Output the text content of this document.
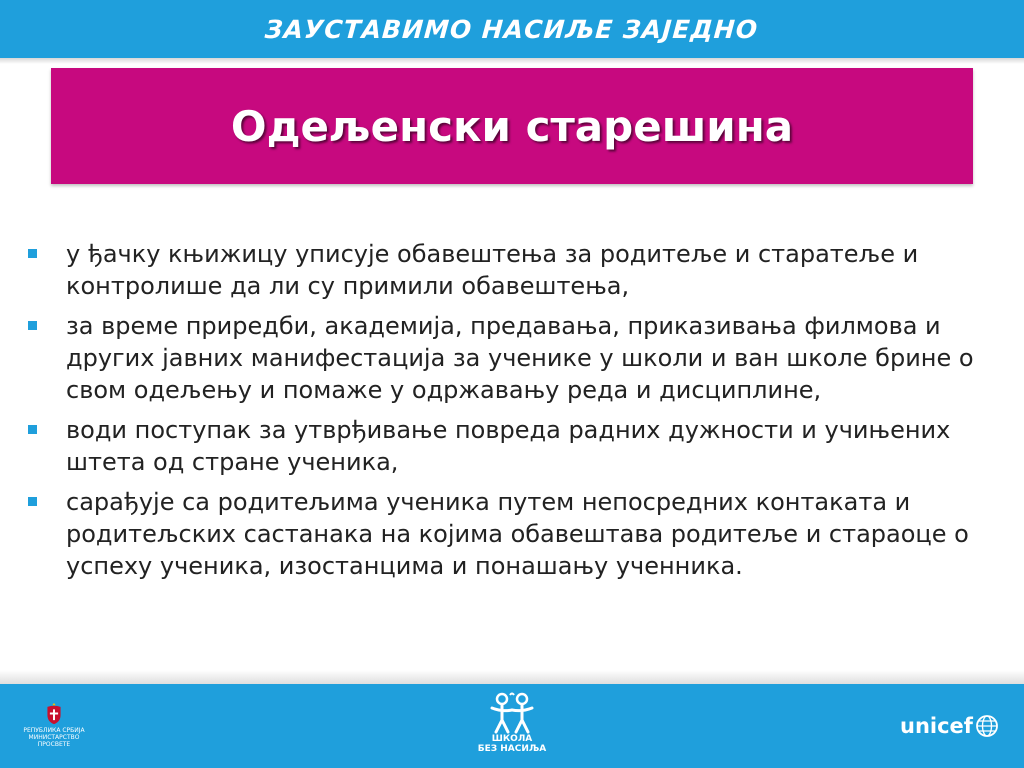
ЗАУСТАВИМО НАСИЉЕ ЗАЈЕДНО
Одељенски старешина
у ђачку књижицу уписује обавештења за родитеље и старатеље и контролише да ли су примили обавештења,
за време приредби, академија, предавања, приказивања филмова и других јавних манифестација за ученике у школи и ван школе брине о свом одељењу и помаже у одржавању реда и дисциплине,
води поступак за утврђивање повреда радних дужности и учињених штета од стране ученика,
сарађује са родитељима ученика путем непосредних контаката и родитељских састанака на којима обавештава родитеље и стараоце о успеху ученика, изостанцима и понашању ученника.
РЕПУБЛИКА СРБИЈА МИНИСТАРСТВО ПРОСВЕТЕ
ШКОЛА
БЕЗ НАСИЉА
unicef
